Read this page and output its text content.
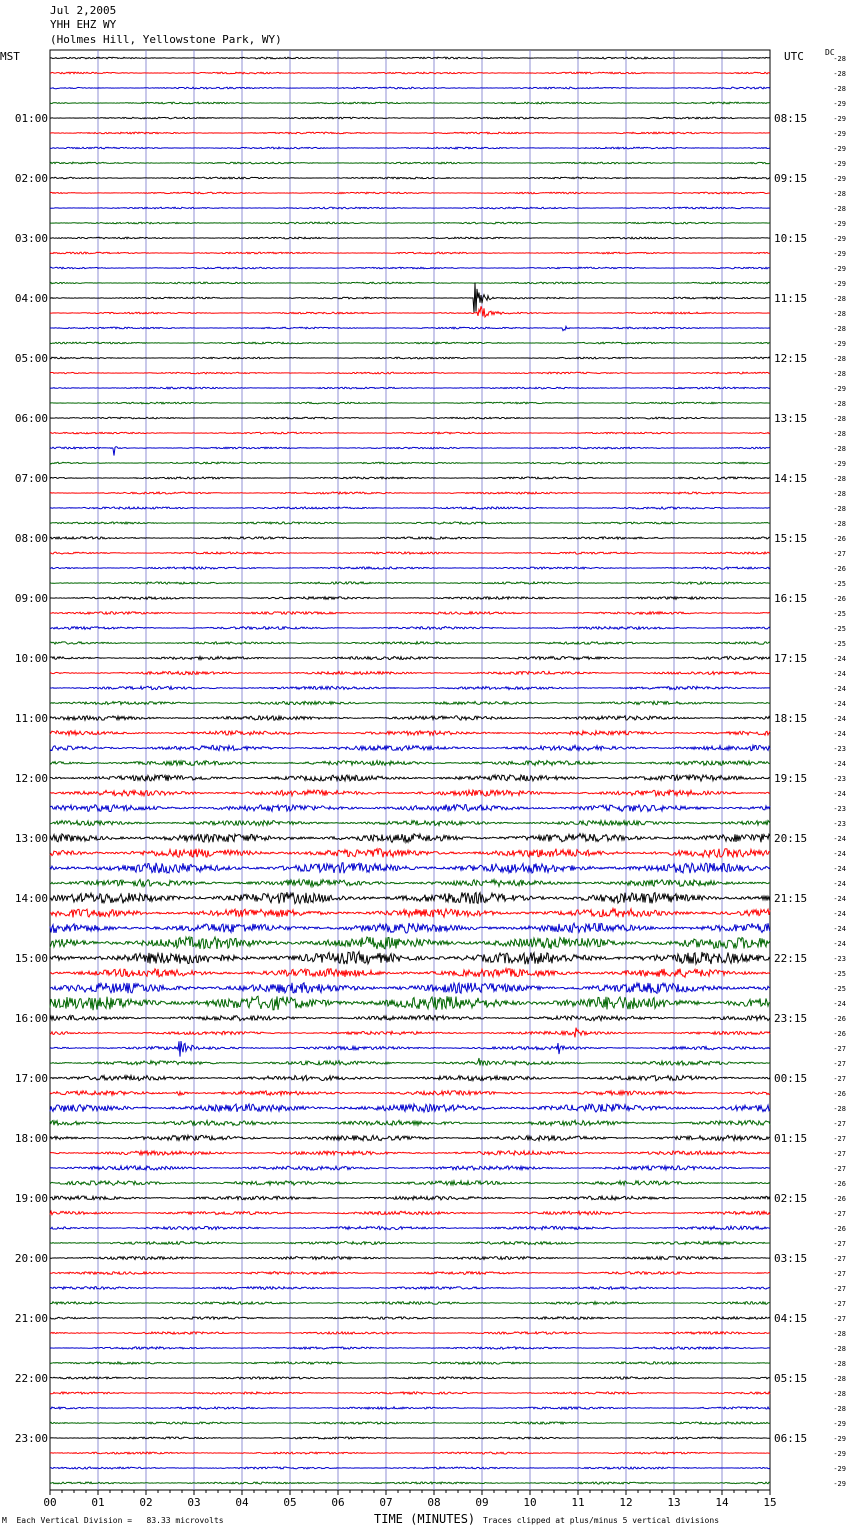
Jul 2,2005
YHH EHZ WY
(Holmes Hill, Yellowstone Park, WY)
MST	UTC	DC
00	01	02	03	04	05	06	07	08	09	10	11	12	13	14	15
-28
-28
-28
-29
-29
-29
-29
-29
-29
-28
-28
-29
-29
-29
-29
-29
-28
-28
-28
-29
-28
-28
-29
-28
-28
-28
-28
-29
-28
-28
-28
-28
-26
-27
-26
-25
-26
-25
-25
-25
-24
-24
-24
-24
-24
-24
-23
-24
-23
-24
-23
-23
-24
-24
-24
-24
-24
-24
-24
-24
-23
-25
-25
-24
-26
-26
-27
-27
-27
-26
-28
-27
-27
-27
-27
-26
-26
-27
-26
-27
-27
-27
-27
-27
-27
-28
-28
-28
-28
-28
-28
-29
-29
-29
-29
-29
01:00	08:15
02:00	09:15
03:00	10:15
04:00	11:15
05:00	12:15
06:00	13:15
07:00	14:15
08:00	15:15
09:00	16:15
10:00	17:15
11:00	18:15
12:00	19:15
13:00	20:15
14:00	21:15
15:00	22:15
16:00	23:15
17:00	00:15
18:00	01:15
19:00	02:15
20:00	03:15
21:00	04:15
22:00	05:15
23:00	06:15
M Each Vertical Division =   83.33 microvolts	TIME (MINUTES) Traces clipped at plus/minus 5 vertical divisions
